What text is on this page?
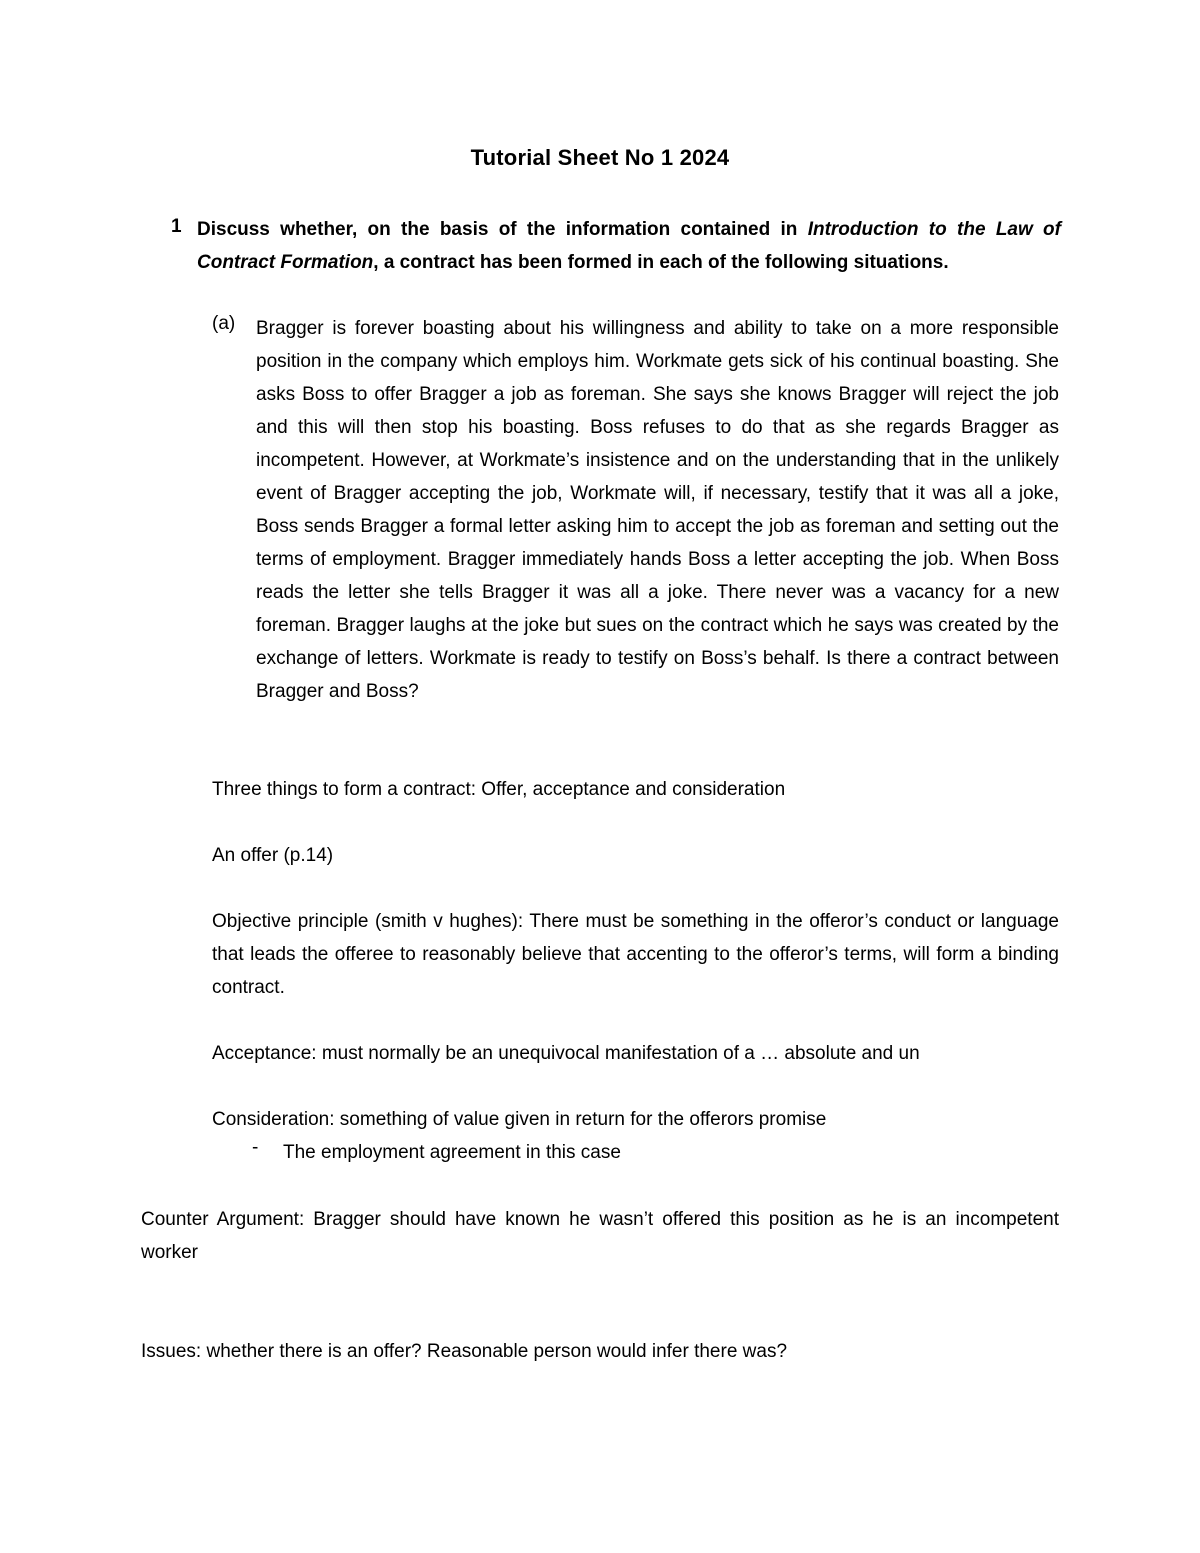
Tutorial Sheet No 1 2024
1 Discuss whether, on the basis of the information contained in Introduction to the Law of Contract Formation, a contract has been formed in each of the following situations.
(a) Bragger is forever boasting about his willingness and ability to take on a more responsible position in the company which employs him. Workmate gets sick of his continual boasting. She asks Boss to offer Bragger a job as foreman. She says she knows Bragger will reject the job and this will then stop his boasting. Boss refuses to do that as she regards Bragger as incompetent. However, at Workmate’s insistence and on the understanding that in the unlikely event of Bragger accepting the job, Workmate will, if necessary, testify that it was all a joke, Boss sends Bragger a formal letter asking him to accept the job as foreman and setting out the terms of employment. Bragger immediately hands Boss a letter accepting the job. When Boss reads the letter she tells Bragger it was all a joke. There never was a vacancy for a new foreman. Bragger laughs at the joke but sues on the contract which he says was created by the exchange of letters. Workmate is ready to testify on Boss’s behalf. Is there a contract between Bragger and Boss?
Three things to form a contract: Offer, acceptance and consideration
An offer (p.14)
Objective principle (smith v hughes): There must be something in the offeror’s conduct or language that leads the offeree to reasonably believe that accenting to the offeror’s terms, will form a binding contract.
Acceptance: must normally be an unequivocal manifestation of a … absolute and un
Consideration: something of value given in return for the offerors promise
- The employment agreement in this case
Counter Argument: Bragger should have known he wasn’t offered this position as he is an incompetent worker
Issues: whether there is an offer? Reasonable person would infer there was?
